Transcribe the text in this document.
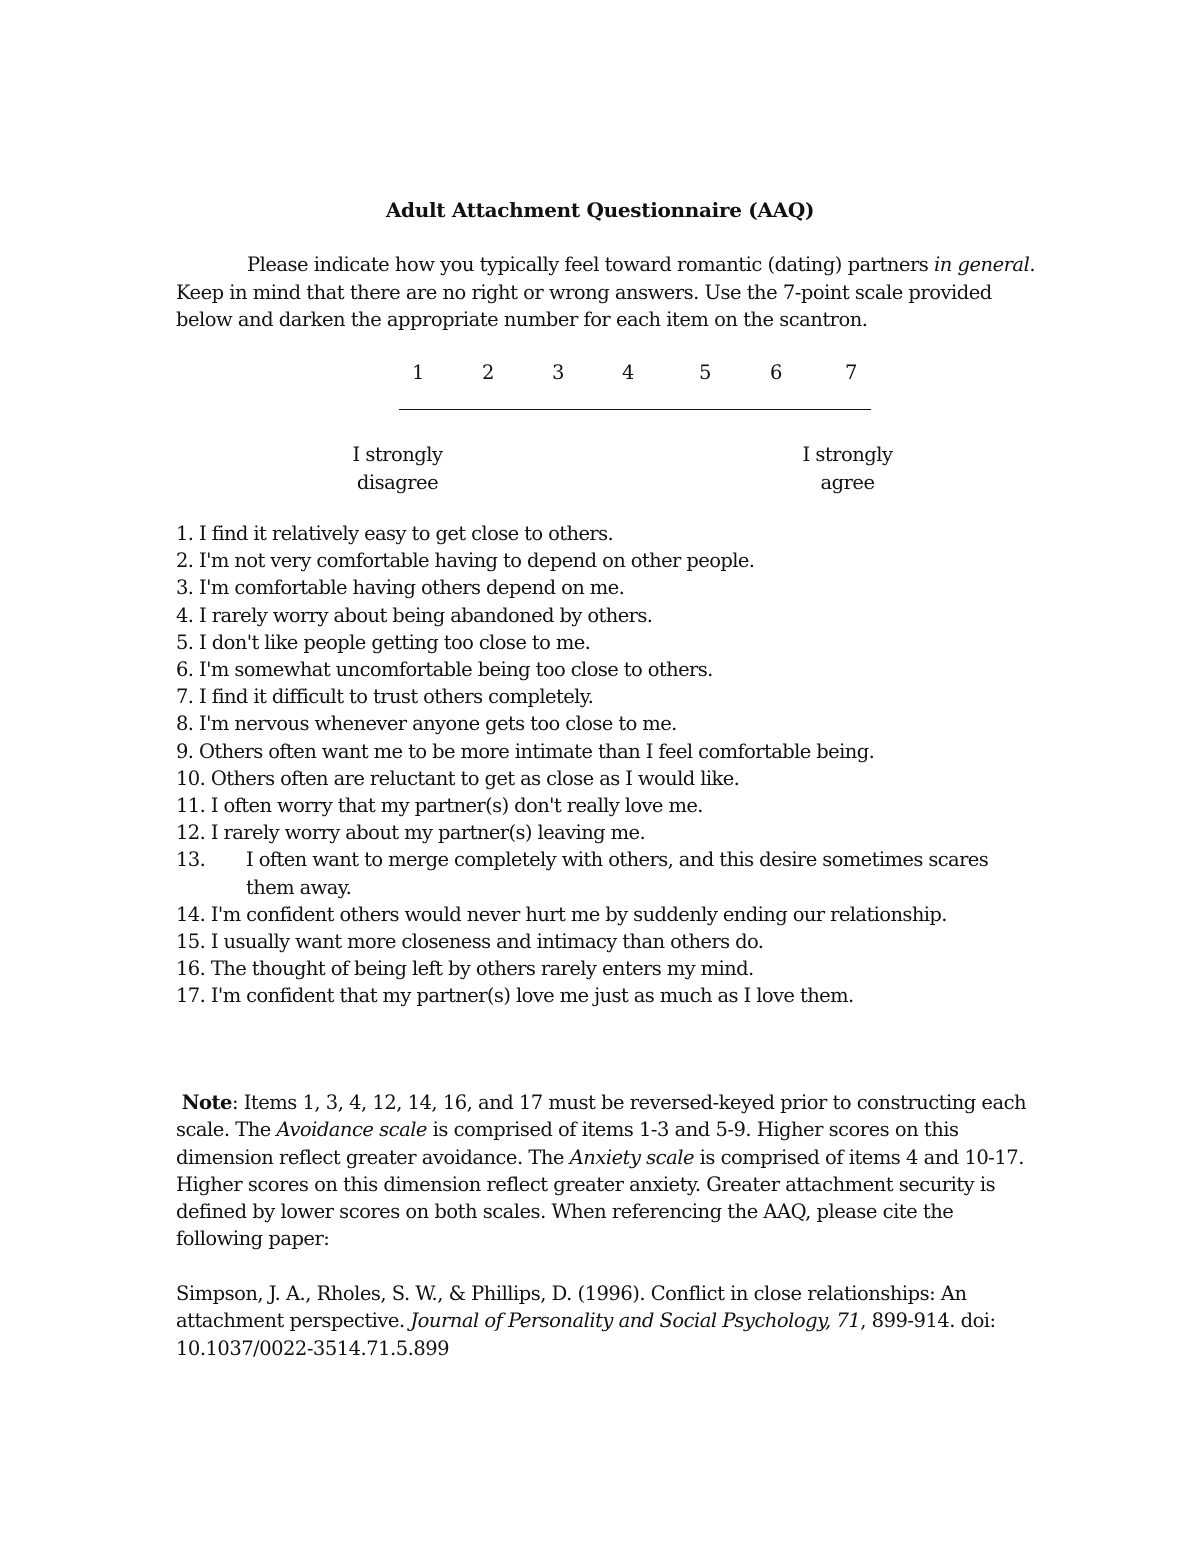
Adult Attachment Questionnaire (AAQ)
Please indicate how you typically feel toward romantic (dating) partners in general. Keep in mind that there are no right or wrong answers. Use the 7-point scale provided below and darken the appropriate number for each item on the scantron.
1	2	3	4	5	6	7
I strongly
disagree
I strongly
agree
1. I find it relatively easy to get close to others.
2. I'm not very comfortable having to depend on other people.
3. I'm comfortable having others depend on me.
4. I rarely worry about being abandoned by others.
5. I don't like people getting too close to me.
6. I'm somewhat uncomfortable being too close to others.
7. I find it difficult to trust others completely.
8. I'm nervous whenever anyone gets too close to me.
9. Others often want me to be more intimate than I feel comfortable being.
10. Others often are reluctant to get as close as I would like.
11. I often worry that my partner(s) don't really love me.
12. I rarely worry about my partner(s) leaving me.
13.	I often want to merge completely with others, and this desire sometimes scares them away.
14. I'm confident others would never hurt me by suddenly ending our relationship.
15. I usually want more closeness and intimacy than others do.
16. The thought of being left by others rarely enters my mind.
17. I'm confident that my partner(s) love me just as much as I love them.
Note: Items 1, 3, 4, 12, 14, 16, and 17 must be reversed-keyed prior to constructing each scale. The Avoidance scale is comprised of items 1-3 and 5-9. Higher scores on this dimension reflect greater avoidance. The Anxiety scale is comprised of items 4 and 10-17. Higher scores on this dimension reflect greater anxiety. Greater attachment security is defined by lower scores on both scales. When referencing the AAQ, please cite the following paper:
Simpson, J. A., Rholes, S. W., & Phillips, D. (1996). Conflict in close relationships: An attachment perspective. Journal of Personality and Social Psychology, 71, 899-914. doi: 10.1037/0022-3514.71.5.899
